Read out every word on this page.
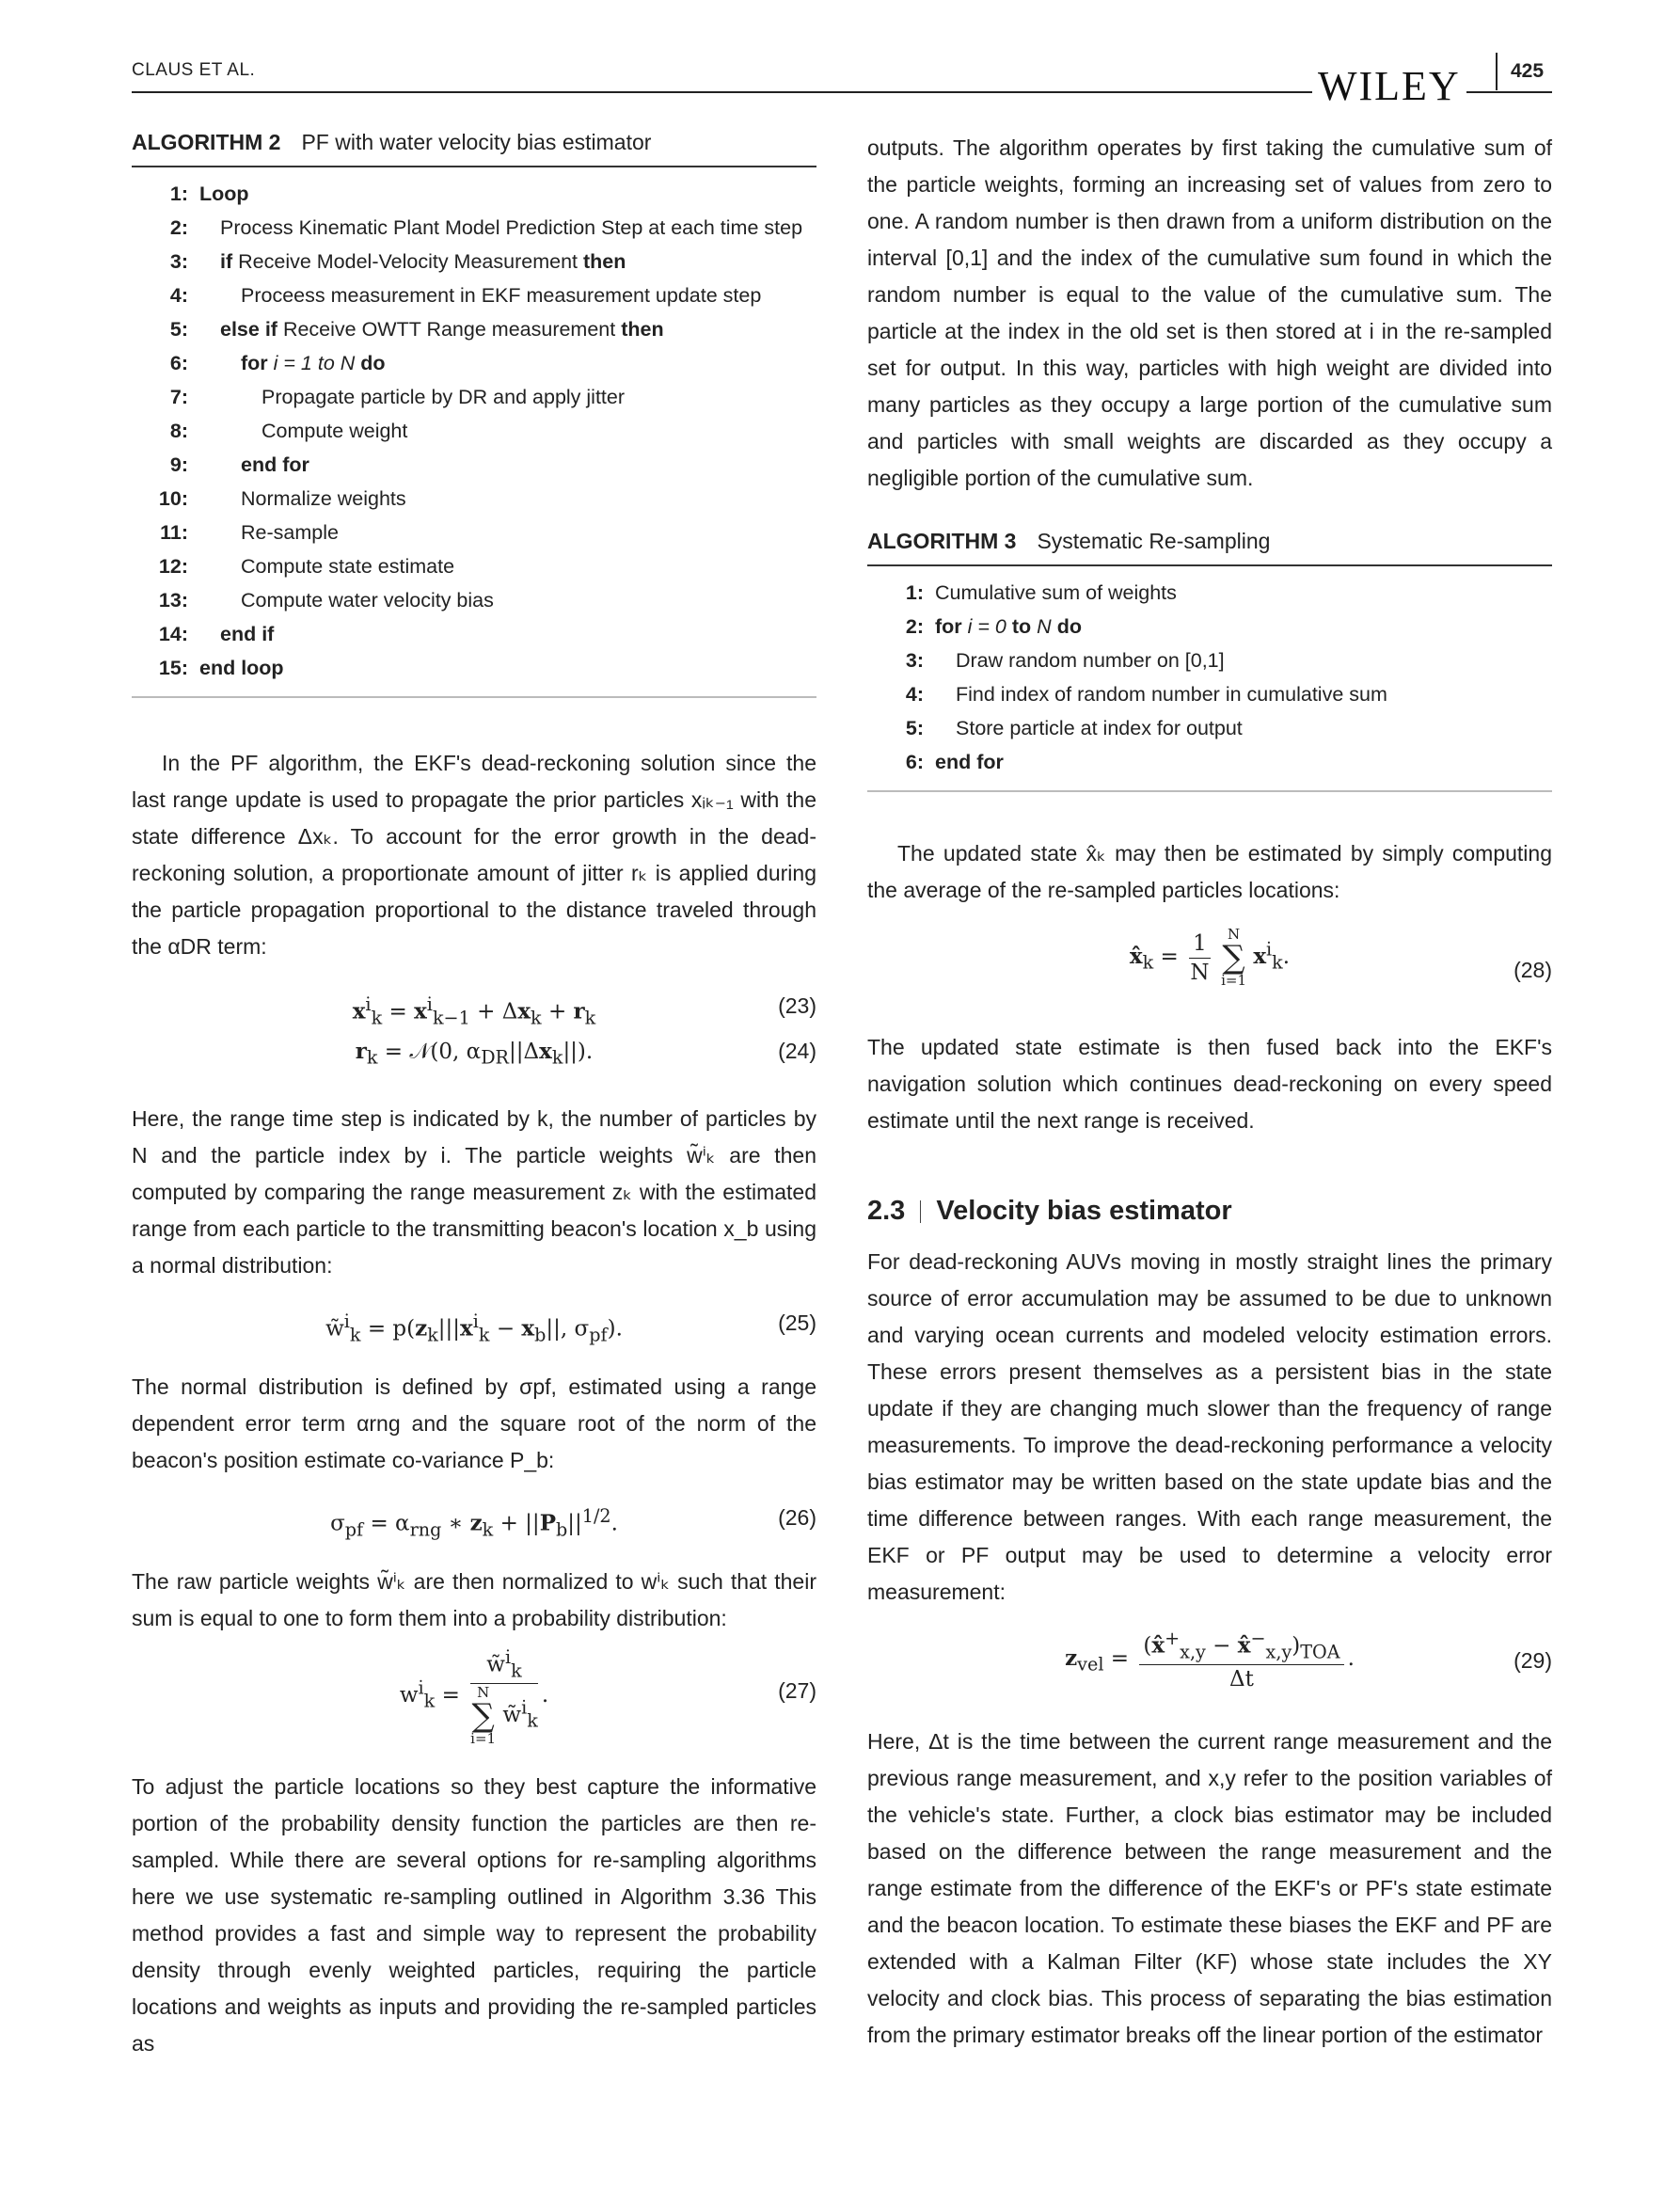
CLAUS ET AL.	WILEY	425
ALGORITHM 2 PF with water velocity bias estimator
1: Loop
2:	Process Kinematic Plant Model Prediction Step at each time step
3:	if Receive Model-Velocity Measurement then
4:	Proceess measurement in EKF measurement update step
5:	else if Receive OWTT Range measurement then
6:	for i = 1 to N do
7:	Propagate particle by DR and apply jitter
8:	Compute weight
9:	end for
10:	Normalize weights
11:	Re-sample
12:	Compute state estimate
13:	Compute water velocity bias
14:	end if
15: end loop

In the PF algorithm, the EKF's dead-reckoning solution since the last range update is used to propagate the prior particles xᵢₖ₋₁ with the state difference Δxₖ. To account for the error growth in the dead-reckoning solution, a proportionate amount of jitter rₖ is applied during the particle propagation proportional to the distance traveled through the αDR term:

$x^i_k = x^i_{k-1} + \Delta x_k + r_k$	(23)
$r_k$ = 𝒩(0, $\alpha_{DR}||\Delta x_k||$).	(24)

Here, the range time step is indicated by k, the number of particles by N and the particle index by i. The particle weights w̃ⁱₖ are then computed by comparing the range measurement zₖ with the estimated range from each particle to the transmitting beacon's location x_b using a normal distribution:

w̃$^i_k$ = $p(z_k|||x^i_k - x_b||$, $\sigma_{pf}$).	(25)

The normal distribution is defined by σpf, estimated using a range dependent error term αrng and the square root of the norm of the beacon's position estimate co-variance P_b:

$\sigma_{pf} = \alpha_{rng}$ ∗ $z_k + ||P_b||^{1/2}$.	(26)

The raw particle weights w̃ⁱₖ are then normalized to wⁱₖ such that their sum is equal to one to form them into a probability distribution:

$w^i_k$ = w̃$^i_k$
N
∑
i=1
w̃$^i_k$ .	(27)

To adjust the particle locations so they best capture the informative portion of the probability density function the particles are then re-sampled. While there are several options for re-sampling algorithms here we use systematic re-sampling outlined in Algorithm 3.36 This method provides a fast and simple way to represent the probability density through evenly weighted particles, requiring the particle locations and weights as inputs and providing the re-sampled particles as

outputs. The algorithm operates by first taking the cumulative sum of the particle weights, forming an increasing set of values from zero to one. A random number is then drawn from a uniform distribution on the interval [0,1] and the index of the cumulative sum found in which the random number is equal to the value of the cumulative sum. The particle at the index in the old set is then stored at i in the re-sampled set for output. In this way, particles with high weight are divided into many particles as they occupy a large portion of the cumulative sum and particles with small weights are discarded as they occupy a negligible portion of the cumulative sum.

ALGORITHM 3 Systematic Re-sampling
1: Cumulative sum of weights
2: for i = 0 to N do
3:	Draw random number on [0,1]
4:	Find index of random number in cumulative sum
5:	Store particle at index for output
6: end for

The updated state x̂ₖ may then be estimated by simply computing the average of the re-sampled particles locations:

$x̂_k = \frac{1}{N}$
	N
∑
i=1
$x^i_k$.
(28)

The updated state estimate is then fused back into the EKF's navigation solution which continues dead-reckoning on every speed estimate until the next range is received.

2.3 Velocity bias estimator

For dead-reckoning AUVs moving in mostly straight lines the primary source of error accumulation may be assumed to be due to unknown and varying ocean currents and modeled velocity estimation errors. These errors present themselves as a persistent bias in the state update if they are changing much slower than the frequency of range measurements. To improve the dead-reckoning performance a velocity bias estimator may be written based on the state update bias and the time difference between ranges. With each range measurement, the EKF or PF output may be used to determine a velocity error measurement:

$z_{vel} = \frac{(x̂^+_{x,y} - x̂^-_{x,y})_{TOA}}{\Delta t}$ .	(29)

Here, Δt is the time between the current range measurement and the previous range measurement, and x,y refer to the position variables of the vehicle's state. Further, a clock bias estimator may be included based on the difference between the range measurement and the range estimate from the difference of the EKF's or PF's state estimate and the beacon location. To estimate these biases the EKF and PF are extended with a Kalman Filter (KF) whose state includes the XY velocity and clock bias. This process of separating the bias estimation from the primary estimator breaks off the linear portion of the estimator
